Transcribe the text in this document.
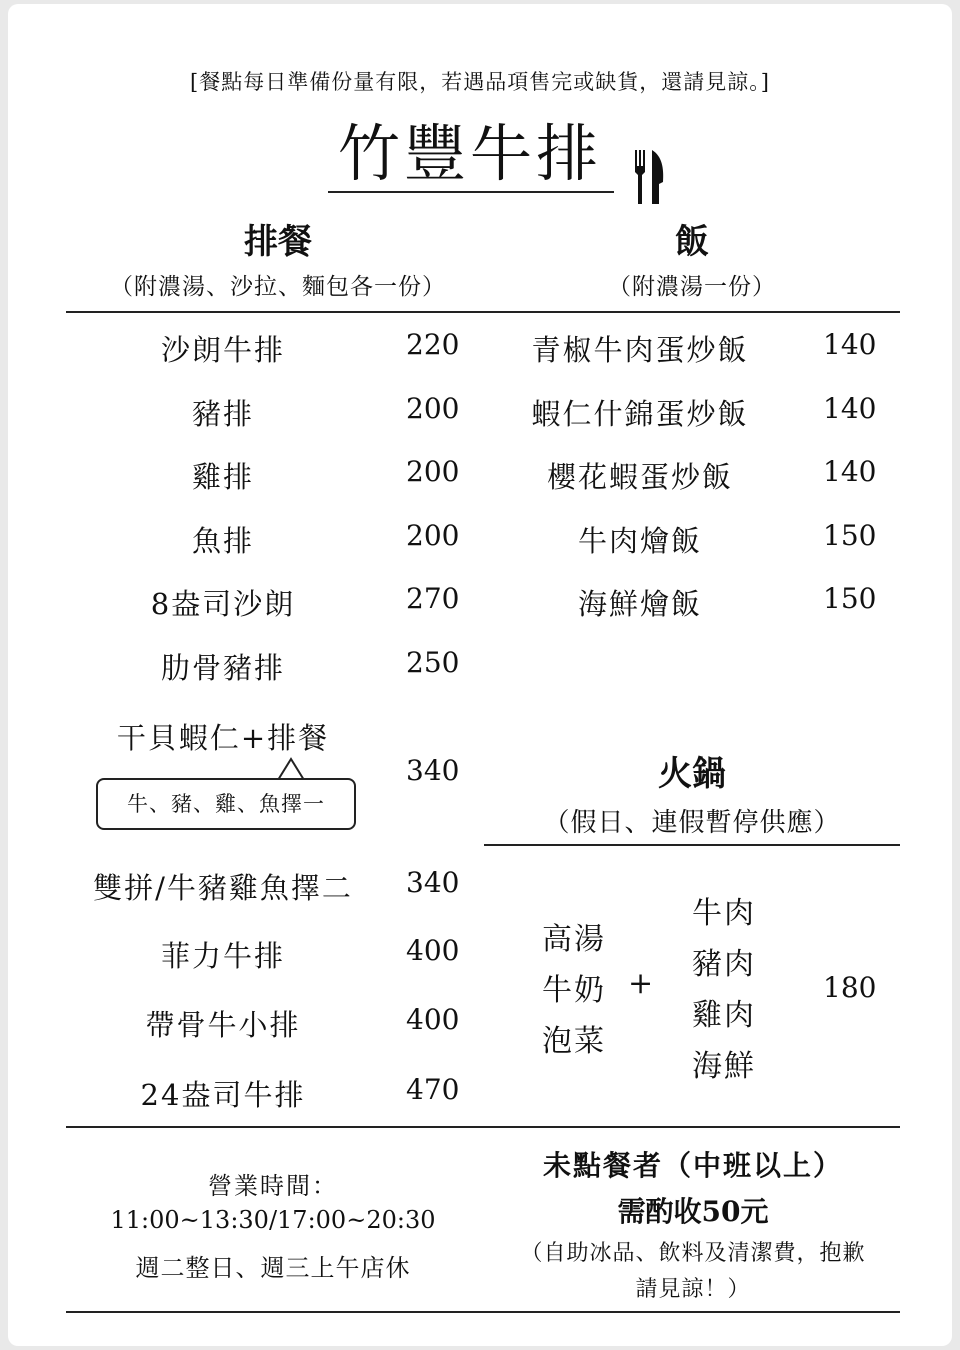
[餐點每日準備份量有限，若遇品項售完或缺貨，還請見諒。]
竹豐牛排
排餐
（附濃湯、沙拉、麵包各一份）
飯
（附濃湯一份）
沙朗牛排	220
豬排	200
雞排	200
魚排	200
8盎司沙朗	270
肋骨豬排	250
干貝蝦仁+排餐
牛、豬、雞、魚擇一
340
雙拼/牛豬雞魚擇二	340
菲力牛排	400
帶骨牛小排	400
24盎司牛排	470
青椒牛肉蛋炒飯	140
蝦仁什錦蛋炒飯	140
櫻花蝦蛋炒飯	140
牛肉燴飯	150
海鮮燴飯	150
火鍋
（假日、連假暫停供應）
高湯
牛奶
泡菜
+
牛肉
豬肉
雞肉
海鮮
180
營業時間：
11:00~13:30/17:00~20:30
週二整日、週三上午店休
未點餐者（中班以上）
需酌收50元
（自助冰品、飲料及清潔費，抱歉
請見諒！）
